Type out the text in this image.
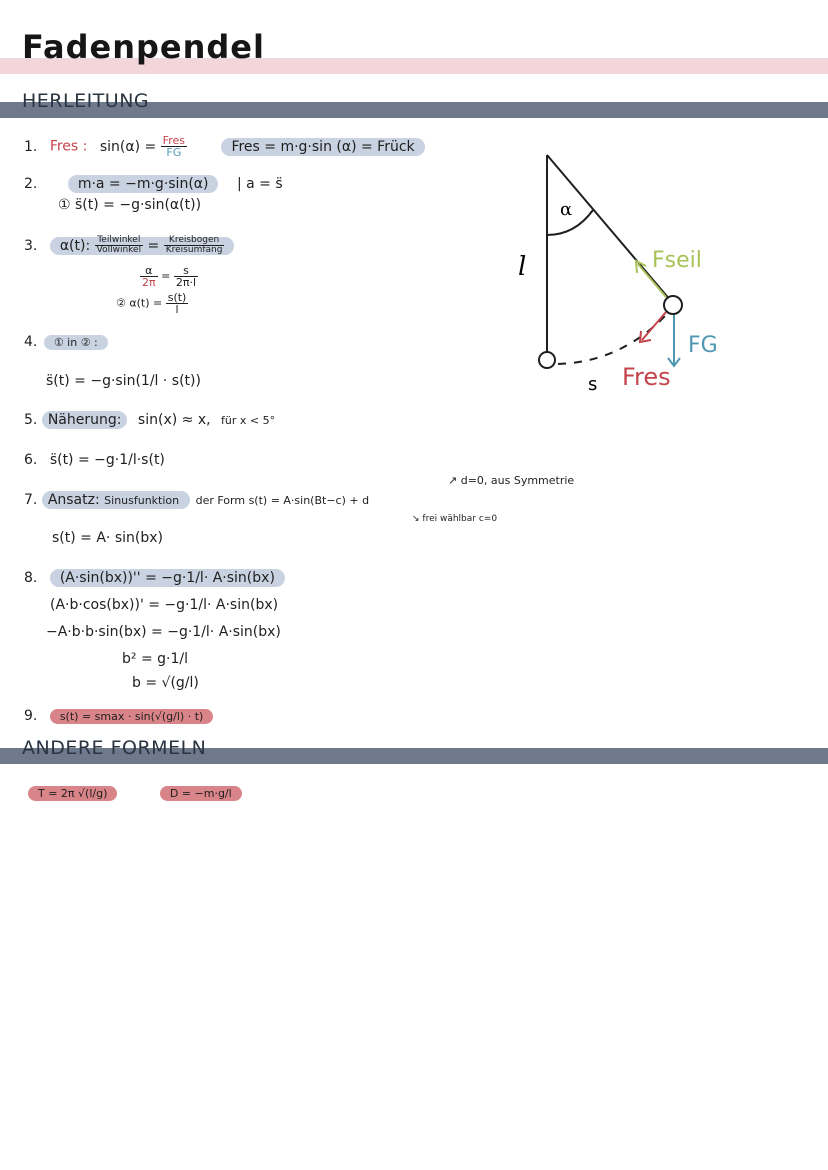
Fadenpendel
HERLEITUNG
1. Fres : $\sin(\alpha) = \frac{\text{Fres}}{FG}$	Fres = m·g·sin (α) = Frück
2.	m·a = −m·g·sin(α) | a = s̈
① s̈(t) = −g·sin(α(t))
3. α(t): $\frac{\text{Teilwinkel}}{\text{Vollwinkel}} = \frac{\text{Kreisbogen}}{\text{Kreisumfang}}$
$\frac{\alpha}{2\pi} = \frac{s}{2\pi\cdot l}$
② $\alpha(t) = \frac{s(t)}{l}$
4. ① in ② :
s̈(t) = −g·sin(1/l · s(t))
5. Näherung: sin(x) ≈ x, für x < 5°
6. s̈(t) = −g·1/l·s(t)
↗ d=0, aus Symmetrie
7. Ansatz: Sinusfunktion der Form s(t) = A·sin(Bt−c) + d
↘ frei wählbar c=0
s(t) = A· sin(bx)
8. (A·sin(bx))'' = −g·1/l· A·sin(bx)
(A·b·cos(bx))' = −g·1/l· A·sin(bx)
−A·b·b·sin(bx) = −g·1/l· A·sin(bx)
b² = g·1/l
b = √(g/l)
9. s(t) = smax · sin(√(g/l) · t)
ANDERE FORMELN
T = 2π √(l/g)	D = −m·g/l
α
l
s
Fseil
FG
Fres
